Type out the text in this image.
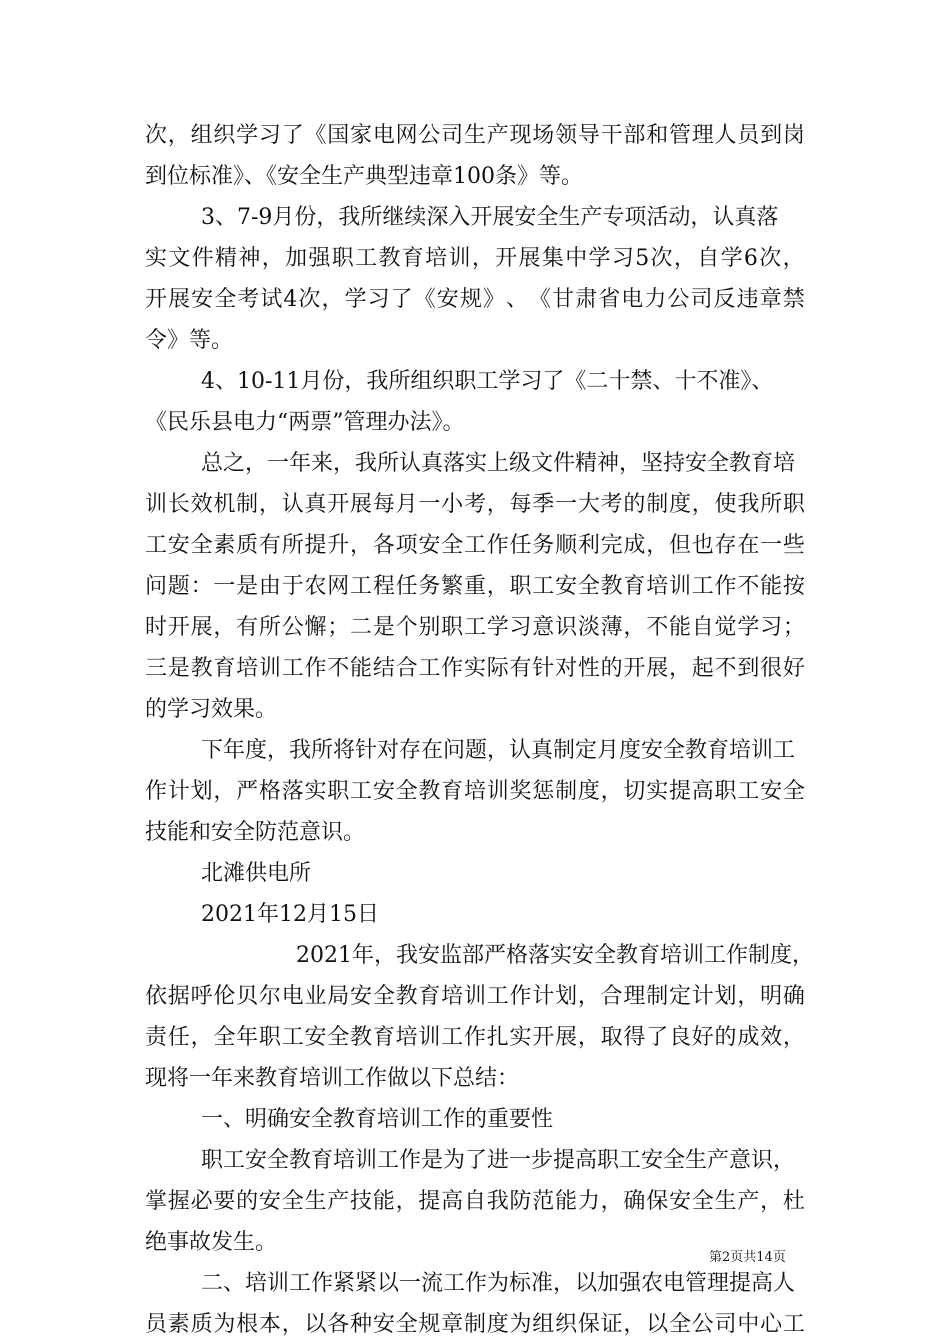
次 ， 组 织 学 习 了 《 国 家 电 网 公 司 生 产 现 场 领 导 干 部 和 管 理 人 员 到 岗
到位标准》、《安全生产典型违章100条》等。
3、7-9月份，我所继续深入开展安全生产专项活动，认真落
实 文 件 精 神 ， 加 强 职 工 教 育 培 训 ， 开 展 集 中 学 习 5 次 ， 自 学 6 次 ，
开 展 安 全 考 试 4 次 ， 学 习 了 《 安 规 》 、 《 甘 肃 省 电 力 公 司 反 违 章 禁
令》等。
4、10-11月份，我所组织职工学习了《二十禁、十不准》、
《民乐县电力“两票”管理办法》。
总之，一年来，我所认真落实上级文件精神，坚持安全教育培
训 长 效 机 制 ， 认 真 开 展 每 月 一 小 考 ， 每 季 一 大 考 的 制 度 ， 使 我 所 职
工 安 全 素 质 有 所 提 升 ， 各 项 安 全 工 作 任 务 顺 利 完 成 ， 但 也 存 在 一 些
问 题 ： 一 是 由 于 农 网 工 程 任 务 繁 重 ， 职 工 安 全 教 育 培 训 工 作 不 能 按
时 开 展 ， 有 所 公 懈 ； 二 是 个 别 职 工 学 习 意 识 淡 薄 ， 不 能 自 觉 学 习 ；
三 是 教 育 培 训 工 作 不 能 结 合 工 作 实 际 有 针 对 性 的 开 展 ， 起 不 到 很 好
的学习效果。
下年度，我所将针对存在问题，认真制定月度安全教育培训工
作 计 划 ， 严 格 落 实 职 工 安 全 教 育 培 训 奖 惩 制 度 ， 切 实 提 高 职 工 安 全
技能和安全防范意识。
北滩供电所
2021年12月15日
2021年，我安监部严格落实安全教育培训工作制度，
依 据 呼 伦 贝 尔 电 业 局 安 全 教 育 培 训 工 作 计 划 ， 合 理 制 定 计 划 ， 明 确
责 任 ， 全 年 职 工 安 全 教 育 培 训 工 作 扎 实 开 展 ， 取 得 了 良 好 的 成 效 ，
现将一年来教育培训工作做以下总结：
一、明确安全教育培训工作的重要性
职工安全教育培训工作是为了进一步提高职工安全生产意识，
掌 握 必 要 的 安 全 生 产 技 能 ， 提 高 自 我 防 范 能 力 ， 确 保 安 全 生 产 ， 杜
绝事故发生。
二、培训工作紧紧以一流工作为标准，以加强农电管理提高人
员 素 质 为 根 本 ， 以 各 种 安 全 规 章 制 度 为 组 织 保 证 ， 以 全 公 司 中 心 工
第2页共14页
